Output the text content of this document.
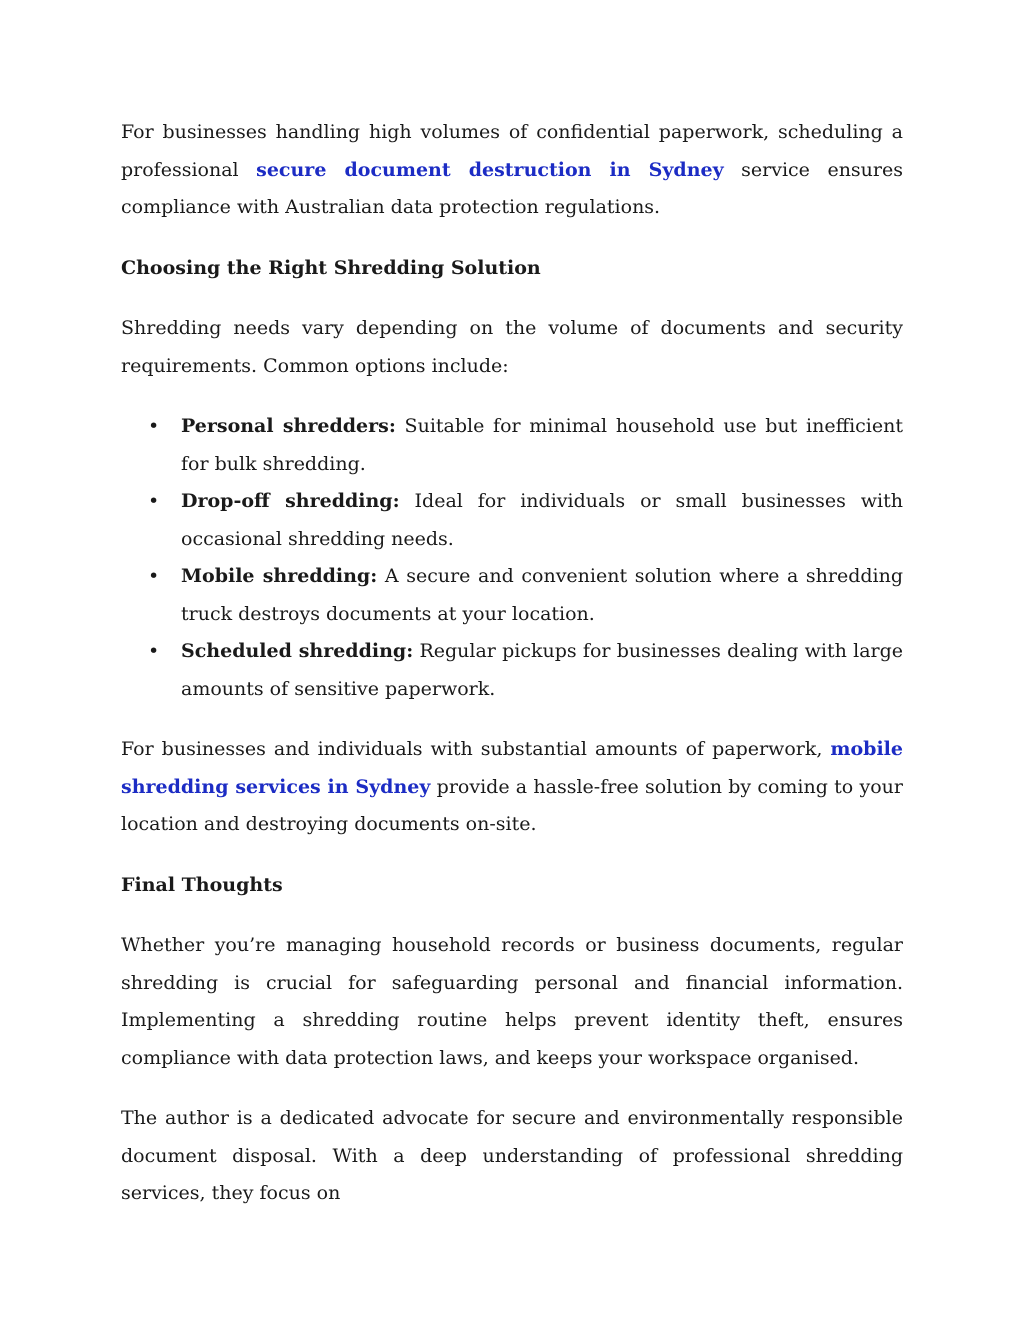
For businesses handling high volumes of confidential paperwork, scheduling a professional secure document destruction in Sydney service ensures compliance with Australian data protection regulations.

Choosing the Right Shredding Solution

Shredding needs vary depending on the volume of documents and security requirements. Common options include:

• Personal shredders: Suitable for minimal household use but inefficient for bulk shredding.
• Drop-off shredding: Ideal for individuals or small businesses with occasional shredding needs.
• Mobile shredding: A secure and convenient solution where a shredding truck destroys documents at your location.
• Scheduled shredding: Regular pickups for businesses dealing with large amounts of sensitive paperwork.

For businesses and individuals with substantial amounts of paperwork, mobile shredding services in Sydney provide a hassle-free solution by coming to your location and destroying documents on-site.

Final Thoughts

Whether you’re managing household records or business documents, regular shredding is crucial for safeguarding personal and financial information. Implementing a shredding routine helps prevent identity theft, ensures compliance with data protection laws, and keeps your workspace organised.

The author is a dedicated advocate for secure and environmentally responsible document disposal. With a deep understanding of professional shredding services, they focus on
